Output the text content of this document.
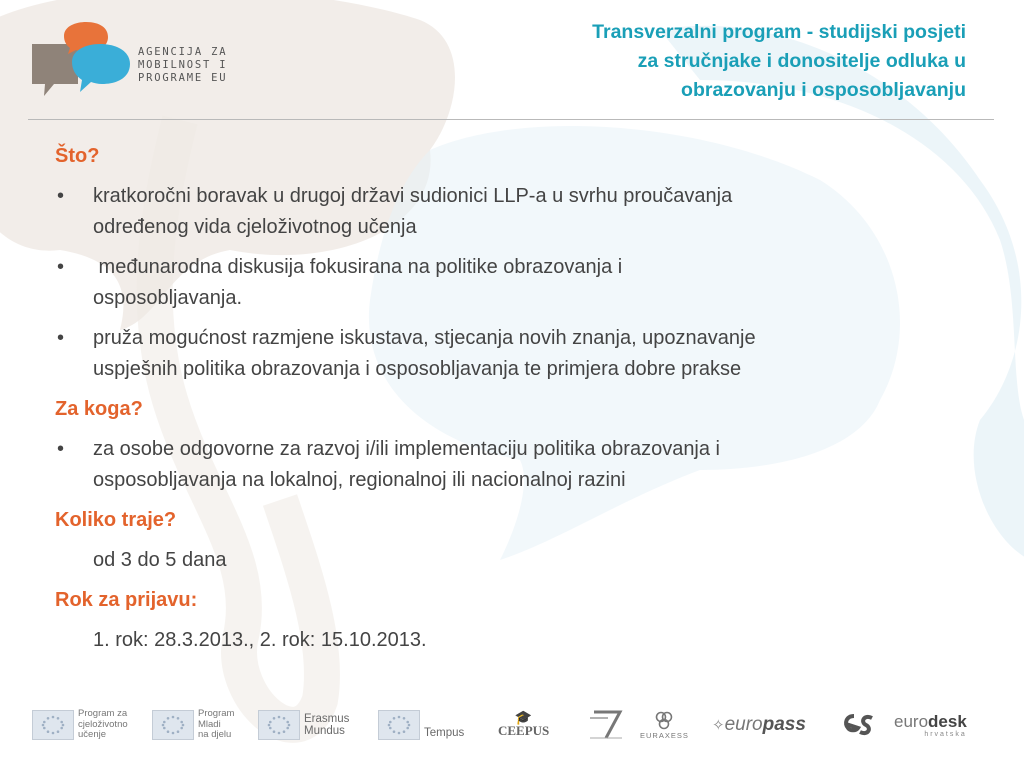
AGENCIJA ZA
MOBILNOST I
PROGRAME EU
Transverzalni program - studijski posjeti
za stručnjake i donositelje odluka u
obrazovanju i osposobljavanju
Što?
• kratkoročni boravak u drugoj državi sudionici LLP-a u svrhu proučavanja
određenog vida cjeloživotnog učenja
• međunarodna diskusija fokusirana na politike obrazovanja i
osposobljavanja.
• pruža mogućnost razmjene iskustava, stjecanja novih znanja, upoznavanje
uspješnih politika obrazovanja i osposobljavanja te primjera dobre prakse
Za koga?
• za osobe odgovorne za razvoj i/ili implementaciju politika obrazovanja i
osposobljavanja na lokalnoj, regionalnoj ili nacionalnoj razini
Koliko traje?
od 3 do 5 dana
Rok za prijavu:
1. rok: 28.3.2013., 2. rok: 15.10.2013.
Program za
cjeloživotno
učenje
Program
Mladi
na djelu
Erasmus
Mundus	Tempus
🎓
CEEPUS	EURAXESS
✧ euro pass	eurodesk
hrvatska
